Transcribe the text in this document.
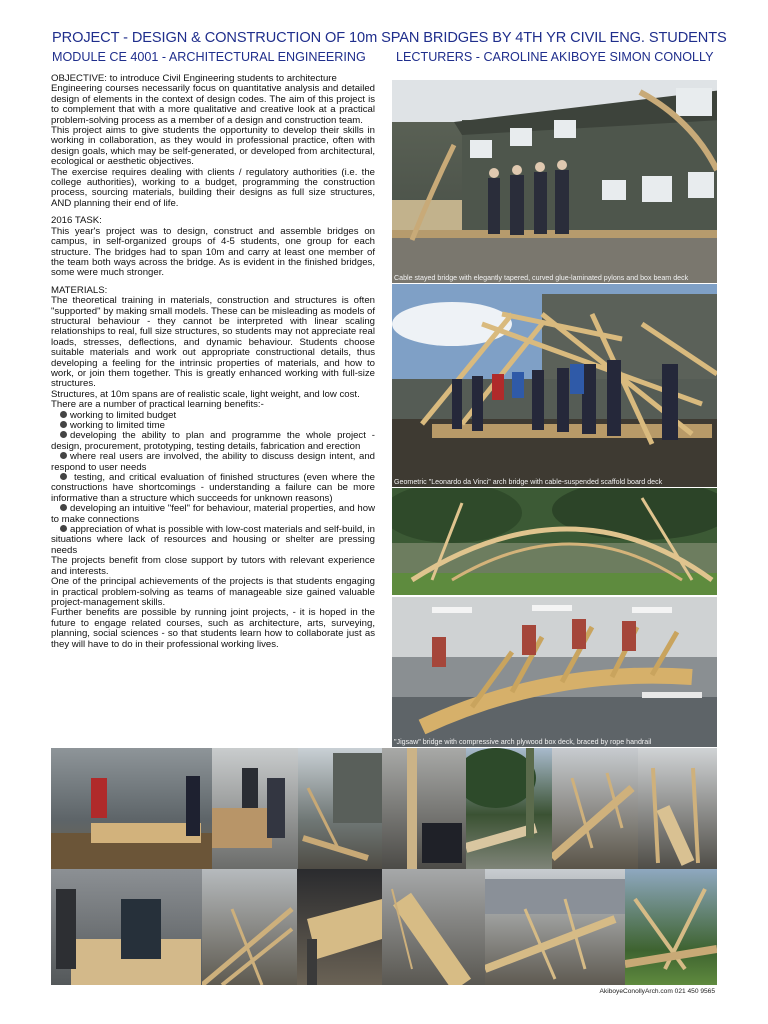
PROJECT - DESIGN & CONSTRUCTION OF 10m SPAN BRIDGES BY 4TH YR CIVIL ENG. STUDENTS
MODULE CE 4001 - ARCHITECTURAL ENGINEERING LECTURERS - CAROLINE AKIBOYE SIMON CONOLLY

OBJECTIVE: to introduce Civil Engineering students to architecture

Engineering courses necessarily focus on quantitative analysis and detailed design of elements in the context of design codes. The aim of this project is to complement that with a more qualitative and creative look at a practical problem-solving process as a member of a design and construction team.

This project aims to give students the opportunity to develop their skills in working in collaboration, as they would in professional practice, often with design goals, which may be self-generated, or developed from architectural, ecological or aesthetic objectives.

The exercise requires dealing with clients / regulatory authorities (i.e. the college authorities), working to a budget, programming the construction process, sourcing materials, building their designs as full size structures, AND planning their end of life.

2016 TASK:

This year's project was to design, construct and assemble bridges on campus, in self-organized groups of 4-5 students, one group for each structure. The bridges had to span 10m and carry at least one member of the team both ways across the bridge. As is evident in the finished bridges, some were much stronger.

MATERIALS:

The theoretical training in materials, construction and structures is often "supported" by making small models. These can be misleading as models of structural behaviour - they cannot be interpreted with linear scaling relationships to real, full size structures, so students may not appreciate real loads, stresses, deflections, and dynamic behaviour. Students choose suitable materials and work out appropriate constructional details, thus developing a feeling for the intrinsic properties of materials, and how to work, or join them together. This is greatly enhanced working with full-size structures.

Structures, at 10m spans are of realistic scale, light weight, and low cost.

There are a number of practical learning benefits:-

working to limited budget
working to limited time
developing the ability to plan and programme the whole project - design, procurement, prototyping, testing details, fabrication and erection
where real users are involved, the ability to discuss design intent, and respond to user needs
testing, and critical evaluation of finished structures (even where the constructions have shortcomings - understanding a failure can be more informative than a structure which succeeds for unknown reasons)
developing an intuitive "feel" for behaviour, material properties, and how to make connections
appreciation of what is possible with low-cost materials and self-build, in situations where lack of resources and housing or shelter are pressing needs

The projects benefit from close support by tutors with relevant experience and interests.

One of the principal achievements of the projects is that students engaging in practical problem-solving as teams of manageable size gained valuable project-management skills.

Further benefits are possible by running joint projects, - it is hoped in the future to engage related courses, such as architecture, arts, surveying, planning, social sciences - so that students learn how to collaborate just as they will have to do in their professional working lives.

Cable stayed bridge with elegantly tapered, curved glue-laminated pylons and box beam deck
Geometric "Leonardo da Vinci" arch bridge with cable-suspended scaffold board deck
"Jigsaw" bridge with compressive arch plywood box deck, braced by rope handrail
AkiboyeConollyArch.com 021 450 9565
